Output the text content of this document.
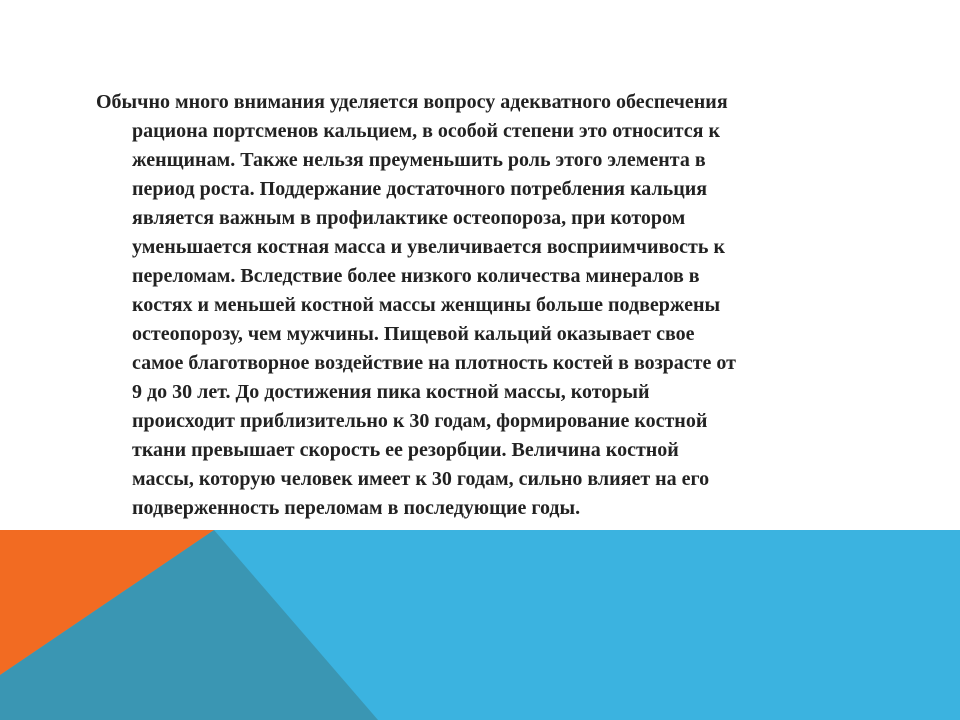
Обычно много внимания уделяется вопросу адекватного обеспечения
рациона портсменов кальцием, в особой степени это относится к
женщинам. Также нельзя преуменьшить роль этого элемента в
период роста. Поддержание достаточного потребления кальция
является важным в профилактике остеопороза, при котором
уменьшается костная масса и увеличивается восприимчивость к
переломам. Вследствие более низкого количества минералов в
костях и меньшей костной массы женщины больше подвержены
остеопорозу, чем мужчины. Пищевой кальций оказывает свое
самое благотворное воздействие на плотность костей в возрасте от
9 до 30 лет. До достижения пика костной массы, который
происходит приблизительно к 30 годам, формирование костной
ткани превышает скорость ее резорбции. Величина костной
массы, которую человек имеет к 30 годам, сильно влияет на его
подверженность переломам в последующие годы.
